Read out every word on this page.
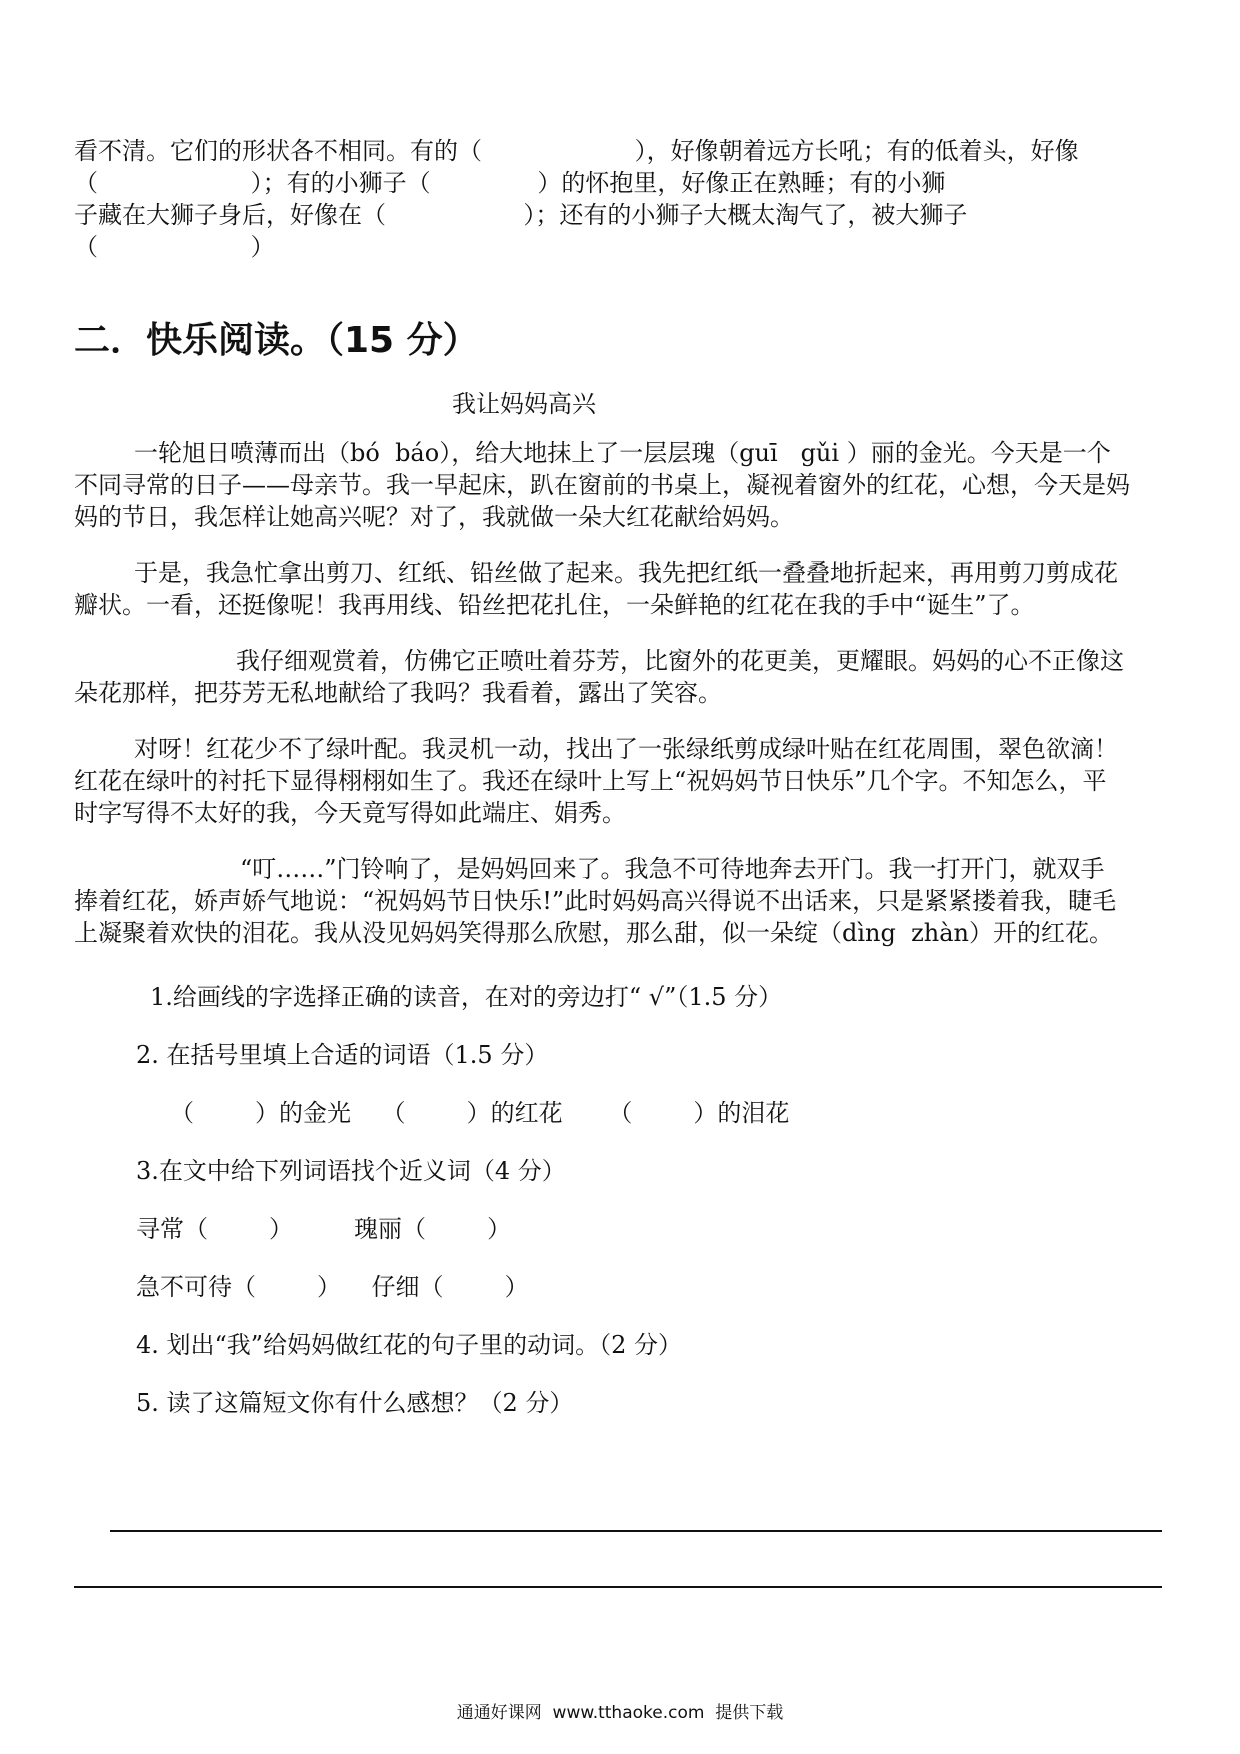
看不清。它们的形状各不相同。有的（                    ），好像朝着远方长吼；有的低着头，好像
（                    ）；有的小狮子（              ）的怀抱里，好像正在熟睡；有的小狮
子藏在大狮子身后，好像在（                  ）；还有的小狮子大概太淘气了，被大狮子
（                    ）
二．快乐阅读。（15 分）
我让妈妈高兴
一轮旭日喷薄而出（bó  báo），给大地抹上了一层层瑰（guī   gǔi ）丽的金光。今天是一个
不同寻常的日子——母亲节。我一早起床，趴在窗前的书桌上，凝视着窗外的红花，心想，今天是妈
妈的节日，我怎样让她高兴呢？对了，我就做一朵大红花献给妈妈。
于是，我急忙拿出剪刀、红纸、铅丝做了起来。我先把红纸一叠叠地折起来，再用剪刀剪成花
瓣状。一看，还挺像呢！我再用线、铅丝把花扎住，一朵鲜艳的红花在我的手中“诞生”了。
我仔细观赏着，仿佛它正喷吐着芬芳，比窗外的花更美，更耀眼。妈妈的心不正像这
朵花那样，把芬芳无私地献给了我吗？我看着，露出了笑容。
对呀！红花少不了绿叶配。我灵机一动，找出了一张绿纸剪成绿叶贴在红花周围，翠色欲滴！
红花在绿叶的衬托下显得栩栩如生了。我还在绿叶上写上“祝妈妈节日快乐”几个字。不知怎么，平
时字写得不太好的我，今天竟写得如此端庄、娟秀。
“叮……”门铃响了，是妈妈回来了。我急不可待地奔去开门。我一打开门，就双手
捧着红花，娇声娇气地说：“祝妈妈节日快乐!”此时妈妈高兴得说不出话来，只是紧紧搂着我，睫毛
上凝聚着欢快的泪花。我从没见妈妈笑得那么欣慰，那么甜，似一朵绽（dìng  zhàn）开的红花。
1.给画线的字选择正确的读音，在对的旁边打“ √”（1.5 分）
2. 在括号里填上合适的词语（1.5 分）
（        ）的金光    （        ）的红花      （        ）的泪花
3.在文中给下列词语找个近义词（4 分）
寻常（        ）        瑰丽（        ）
急不可待（        ）    仔细（        ）
4. 划出“我”给妈妈做红花的句子里的动词。（2 分）
5. 读了这篇短文你有什么感想？（2 分）
通通好课网  www.tthaoke.com  提供下载
